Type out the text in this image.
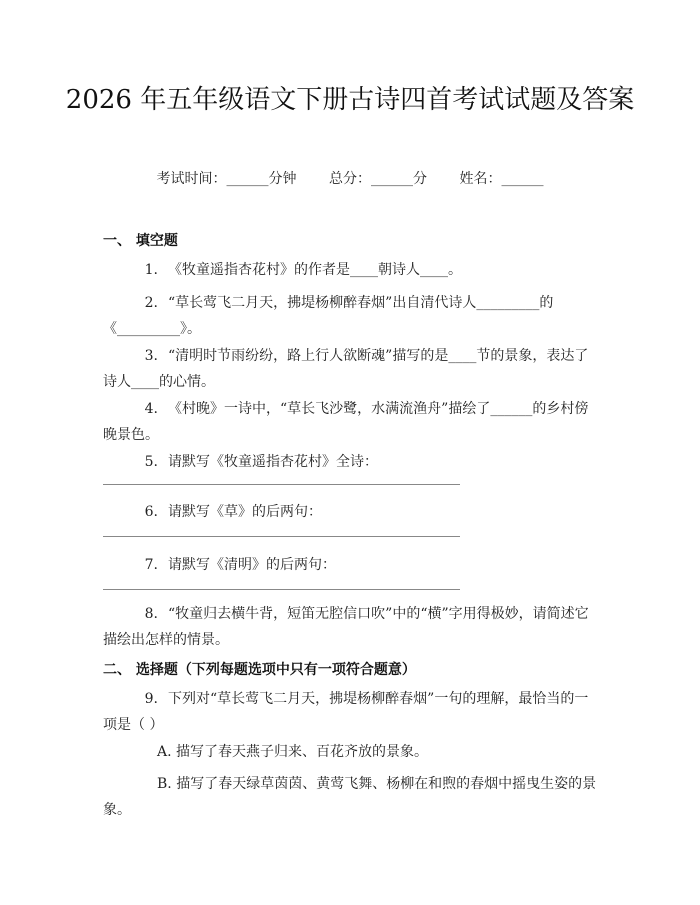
2026 年五年级语文下册古诗四首考试试题及答案
考试时间：______分钟 总分：______分 姓名：______
一、 填空题
1. 《牧童遥指杏花村》的作者是____朝诗人____。
2. “草长莺飞二月天，拂堤杨柳醉春烟”出自清代诗人_________的《_________》。
3. “清明时节雨纷纷，路上行人欲断魂”描写的是____节的景象，表达了诗人____的心情。
4. 《村晚》一诗中，“草长飞沙鹭，水满流渔舟”描绘了______的乡村傍晚景色。
5. 请默写《牧童遥指杏花村》全诗：
6. 请默写《草》的后两句：
7. 请默写《清明》的后两句：
8. “牧童归去横牛背，短笛无腔信口吹”中的“横”字用得极妙，请简述它描绘出怎样的情景。
二、 选择题（下列每题选项中只有一项符合题意）
9. 下列对“草长莺飞二月天，拂堤杨柳醉春烟”一句的理解，最恰当的一项是（ ）
A. 描写了春天燕子归来、百花齐放的景象。
B. 描写了春天绿草茵茵、黄莺飞舞、杨柳在和煦的春烟中摇曳生姿的景象。
